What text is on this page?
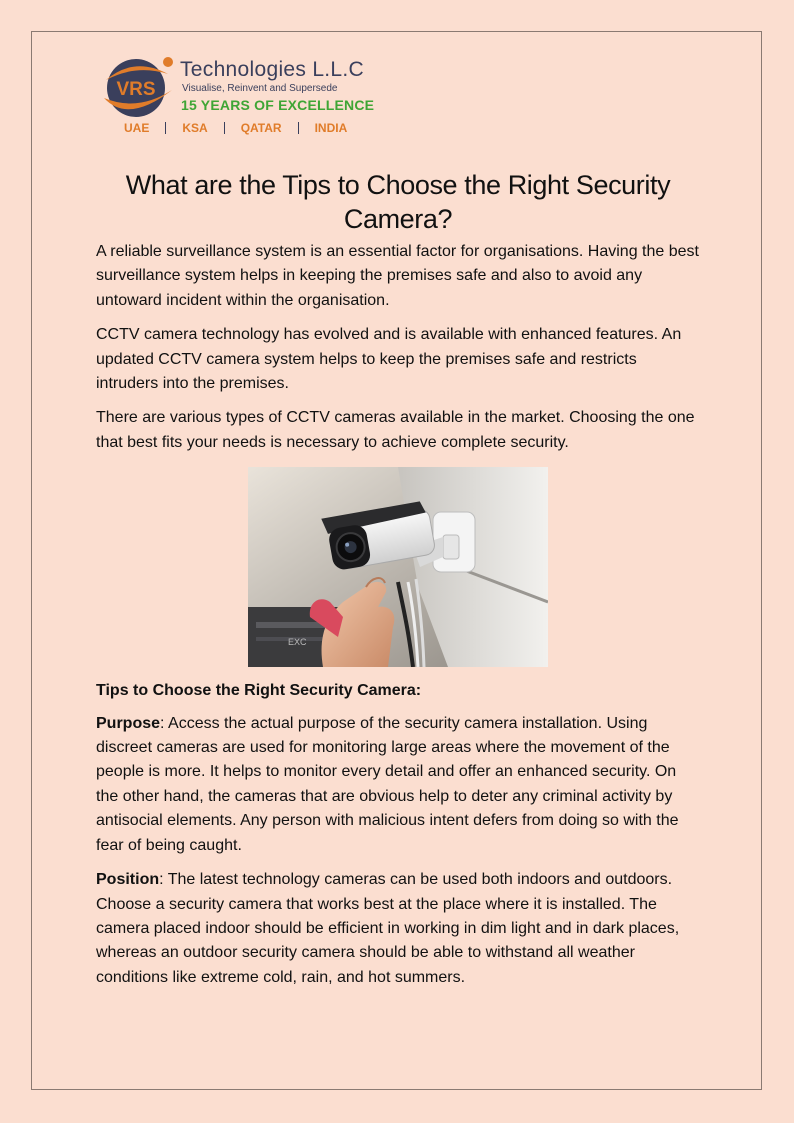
VRS
Technologies L.L.C
Visualise, Reinvent and Supersede
15 YEARS OF EXCELLENCE
UAE	KSA	QATAR	INDIA
What are the Tips to Choose the Right Security Camera?

A reliable surveillance system is an essential factor for organisations. Having the best surveillance system helps in keeping the premises safe and also to avoid any untoward incident within the organisation.

CCTV camera technology has evolved and is available with enhanced features. An updated CCTV camera system helps to keep the premises safe and restricts intruders into the premises.

There are various types of CCTV cameras available in the market. Choosing the one that best fits your needs is necessary to achieve complete security.

EXC

Tips to Choose the Right Security Camera:

Purpose: Access the actual purpose of the security camera installation. Using discreet cameras are used for monitoring large areas where the movement of the people is more. It helps to monitor every detail and offer an enhanced security. On the other hand, the cameras that are obvious help to deter any criminal activity by antisocial elements. Any person with malicious intent defers from doing so with the fear of being caught.

Position: The latest technology cameras can be used both indoors and outdoors. Choose a security camera that works best at the place where it is installed. The camera placed indoor should be efficient in working in dim light and in dark places, whereas an outdoor security camera should be able to withstand all weather conditions like extreme cold, rain, and hot summers.
